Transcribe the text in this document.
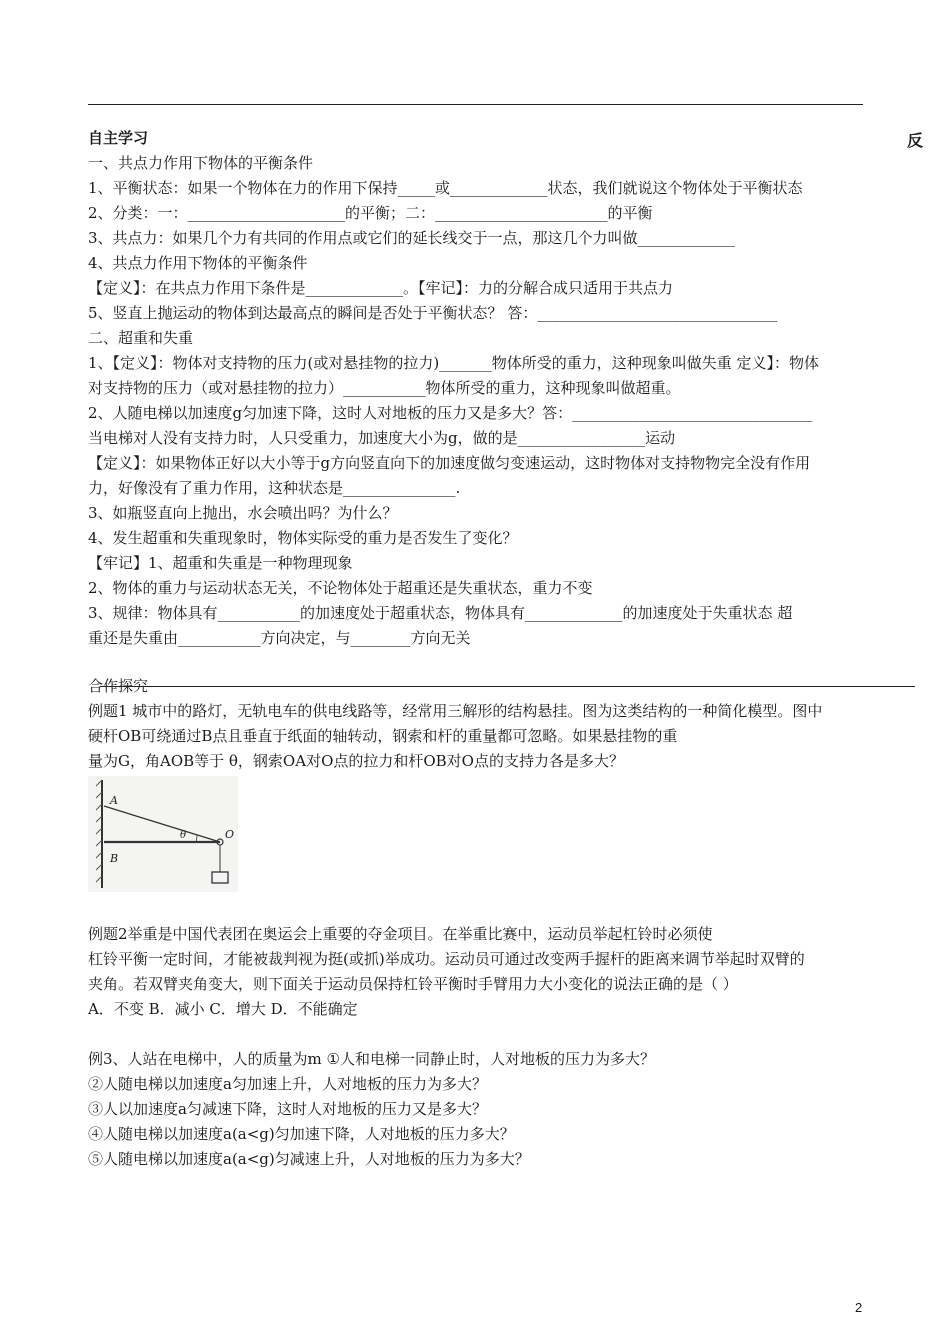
自主学习	反
一、共点力作用下物体的平衡条件
1、平衡状态：如果一个物体在力的作用下保持_____或_____________状态，我们就说这个物体处于平衡状态
2、分类：一：_____________________的平衡；二：_______________________的平衡
3、共点力：如果几个力有共同的作用点或它们的延长线交于一点，那这几个力叫做_____________
4、共点力作用下物体的平衡条件
【定义】：在共点力作用下条件是_____________。【牢记】：力的分解合成只适用于共点力
5、竖直上抛运动的物体到达最高点的瞬间是否处于平衡状态？ 答：________________________________
二、超重和失重
1、【定义】：物体对支持物的压力(或对悬挂物的拉力)_______物体所受的重力，这种现象叫做失重 定义】：物体
对支持物的压力（或对悬挂物的拉力）___________物体所受的重力，这种现象叫做超重。
2、人随电梯以加速度g匀加速下降，这时人对地板的压力又是多大？答：________________________________
当电梯对人没有支持力时，人只受重力，加速度大小为g，做的是_________________运动
【定义】：如果物体正好以大小等于g方向竖直向下的加速度做匀变速运动，这时物体对支持物物完全没有作用
力，好像没有了重力作用，这种状态是_______________.
3、如瓶竖直向上抛出，水会喷出吗？为什么？
4、发生超重和失重现象时，物体实际受的重力是否发生了变化？
【牢记】1、超重和失重是一种物理现象
2、物体的重力与运动状态无关，不论物体处于超重还是失重状态，重力不变
3、规律：物体具有___________的加速度处于超重状态，物体具有_____________的加速度处于失重状态 超
重还是失重由___________方向决定，与________方向无关
合作探究
例题1 城市中的路灯，无轨电车的供电线路等，经常用三解形的结构悬挂。图为这类结构的一种简化模型。图中
硬杆OB可绕通过B点且垂直于纸面的轴转动，钢索和杆的重量都可忽略。如果悬挂物的重
量为G，角AOB等于 θ，钢索OA对O点的拉力和杆OB对O点的支持力各是多大？
A
B
O
θ
例题2举重是中国代表团在奥运会上重要的夺金项目。在举重比赛中，运动员举起杠铃时必须使
杠铃平衡一定时间，才能被裁判视为挺(或抓)举成功。运动员可通过改变两手握杆的距离来调节举起时双臂的
夹角。若双臂夹角变大，则下面关于运动员保持杠铃平衡时手臂用力大小变化的说法正确的是（ ）
A．不变 B．减小 C．增大 D．不能确定
例3、人站在电梯中，人的质量为m ①人和电梯一同静止时，人对地板的压力为多大？
②人随电梯以加速度a匀加速上升，人对地板的压力为多大？
③人以加速度a匀减速下降，这时人对地板的压力又是多大？
④人随电梯以加速度a(a<g)匀加速下降，人对地板的压力多大？
⑤人随电梯以加速度a(a<g)匀减速上升，人对地板的压力为多大？
2
